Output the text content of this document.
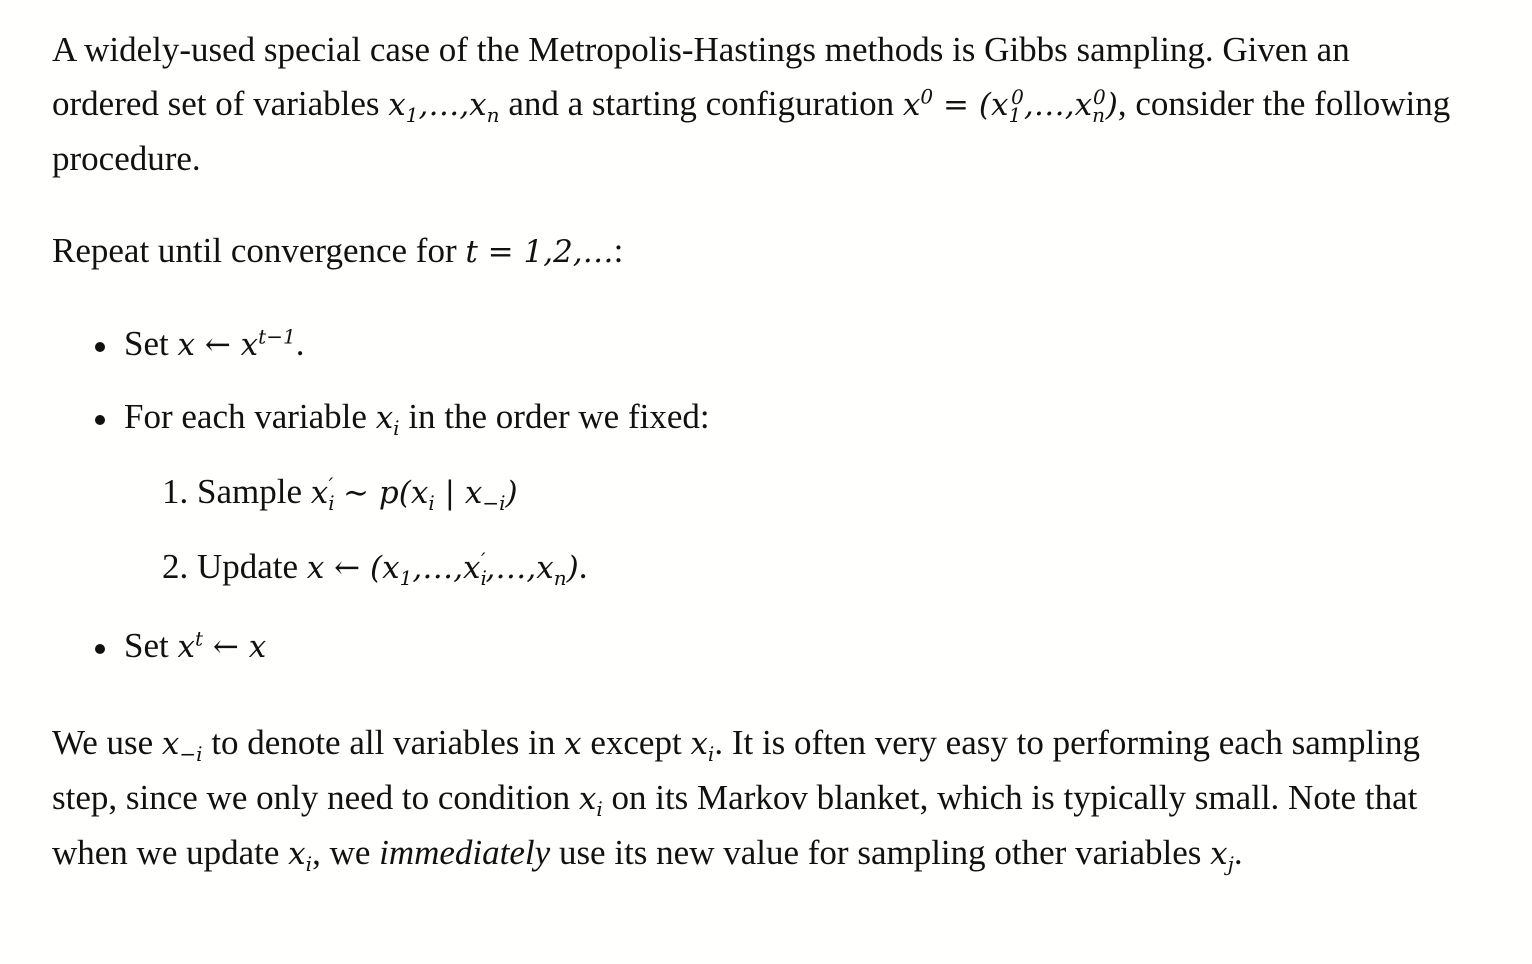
A widely-used special case of the Metropolis-Hastings methods is Gibbs sampling. Given an ordered set of variables $x_1,\dots,x_n$ and a starting configuration $x^0$ = $(x_1^0,\dots,x_n^0)$, consider the following procedure.

Repeat until convergence for t = 1,2,…:

Set x ← $x^{t-1}$.
For each variable $x_i$ in the order we fixed:
1. Sample $x_i'$ ∼ $p(x_i$ | $x_{-i}$)
2. Update x ← $(x_1,\dots,x_i',\dots,x_n)$.
Set $x^t$ ← x

We use $x_{-i}$ to denote all variables in x except $x_i$. It is often very easy to performing each sampling step, since we only need to condition $x_i$ on its Markov blanket, which is typically small. Note that when we update $x_i$, we immediately use its new value for sampling other variables $x_j$.
